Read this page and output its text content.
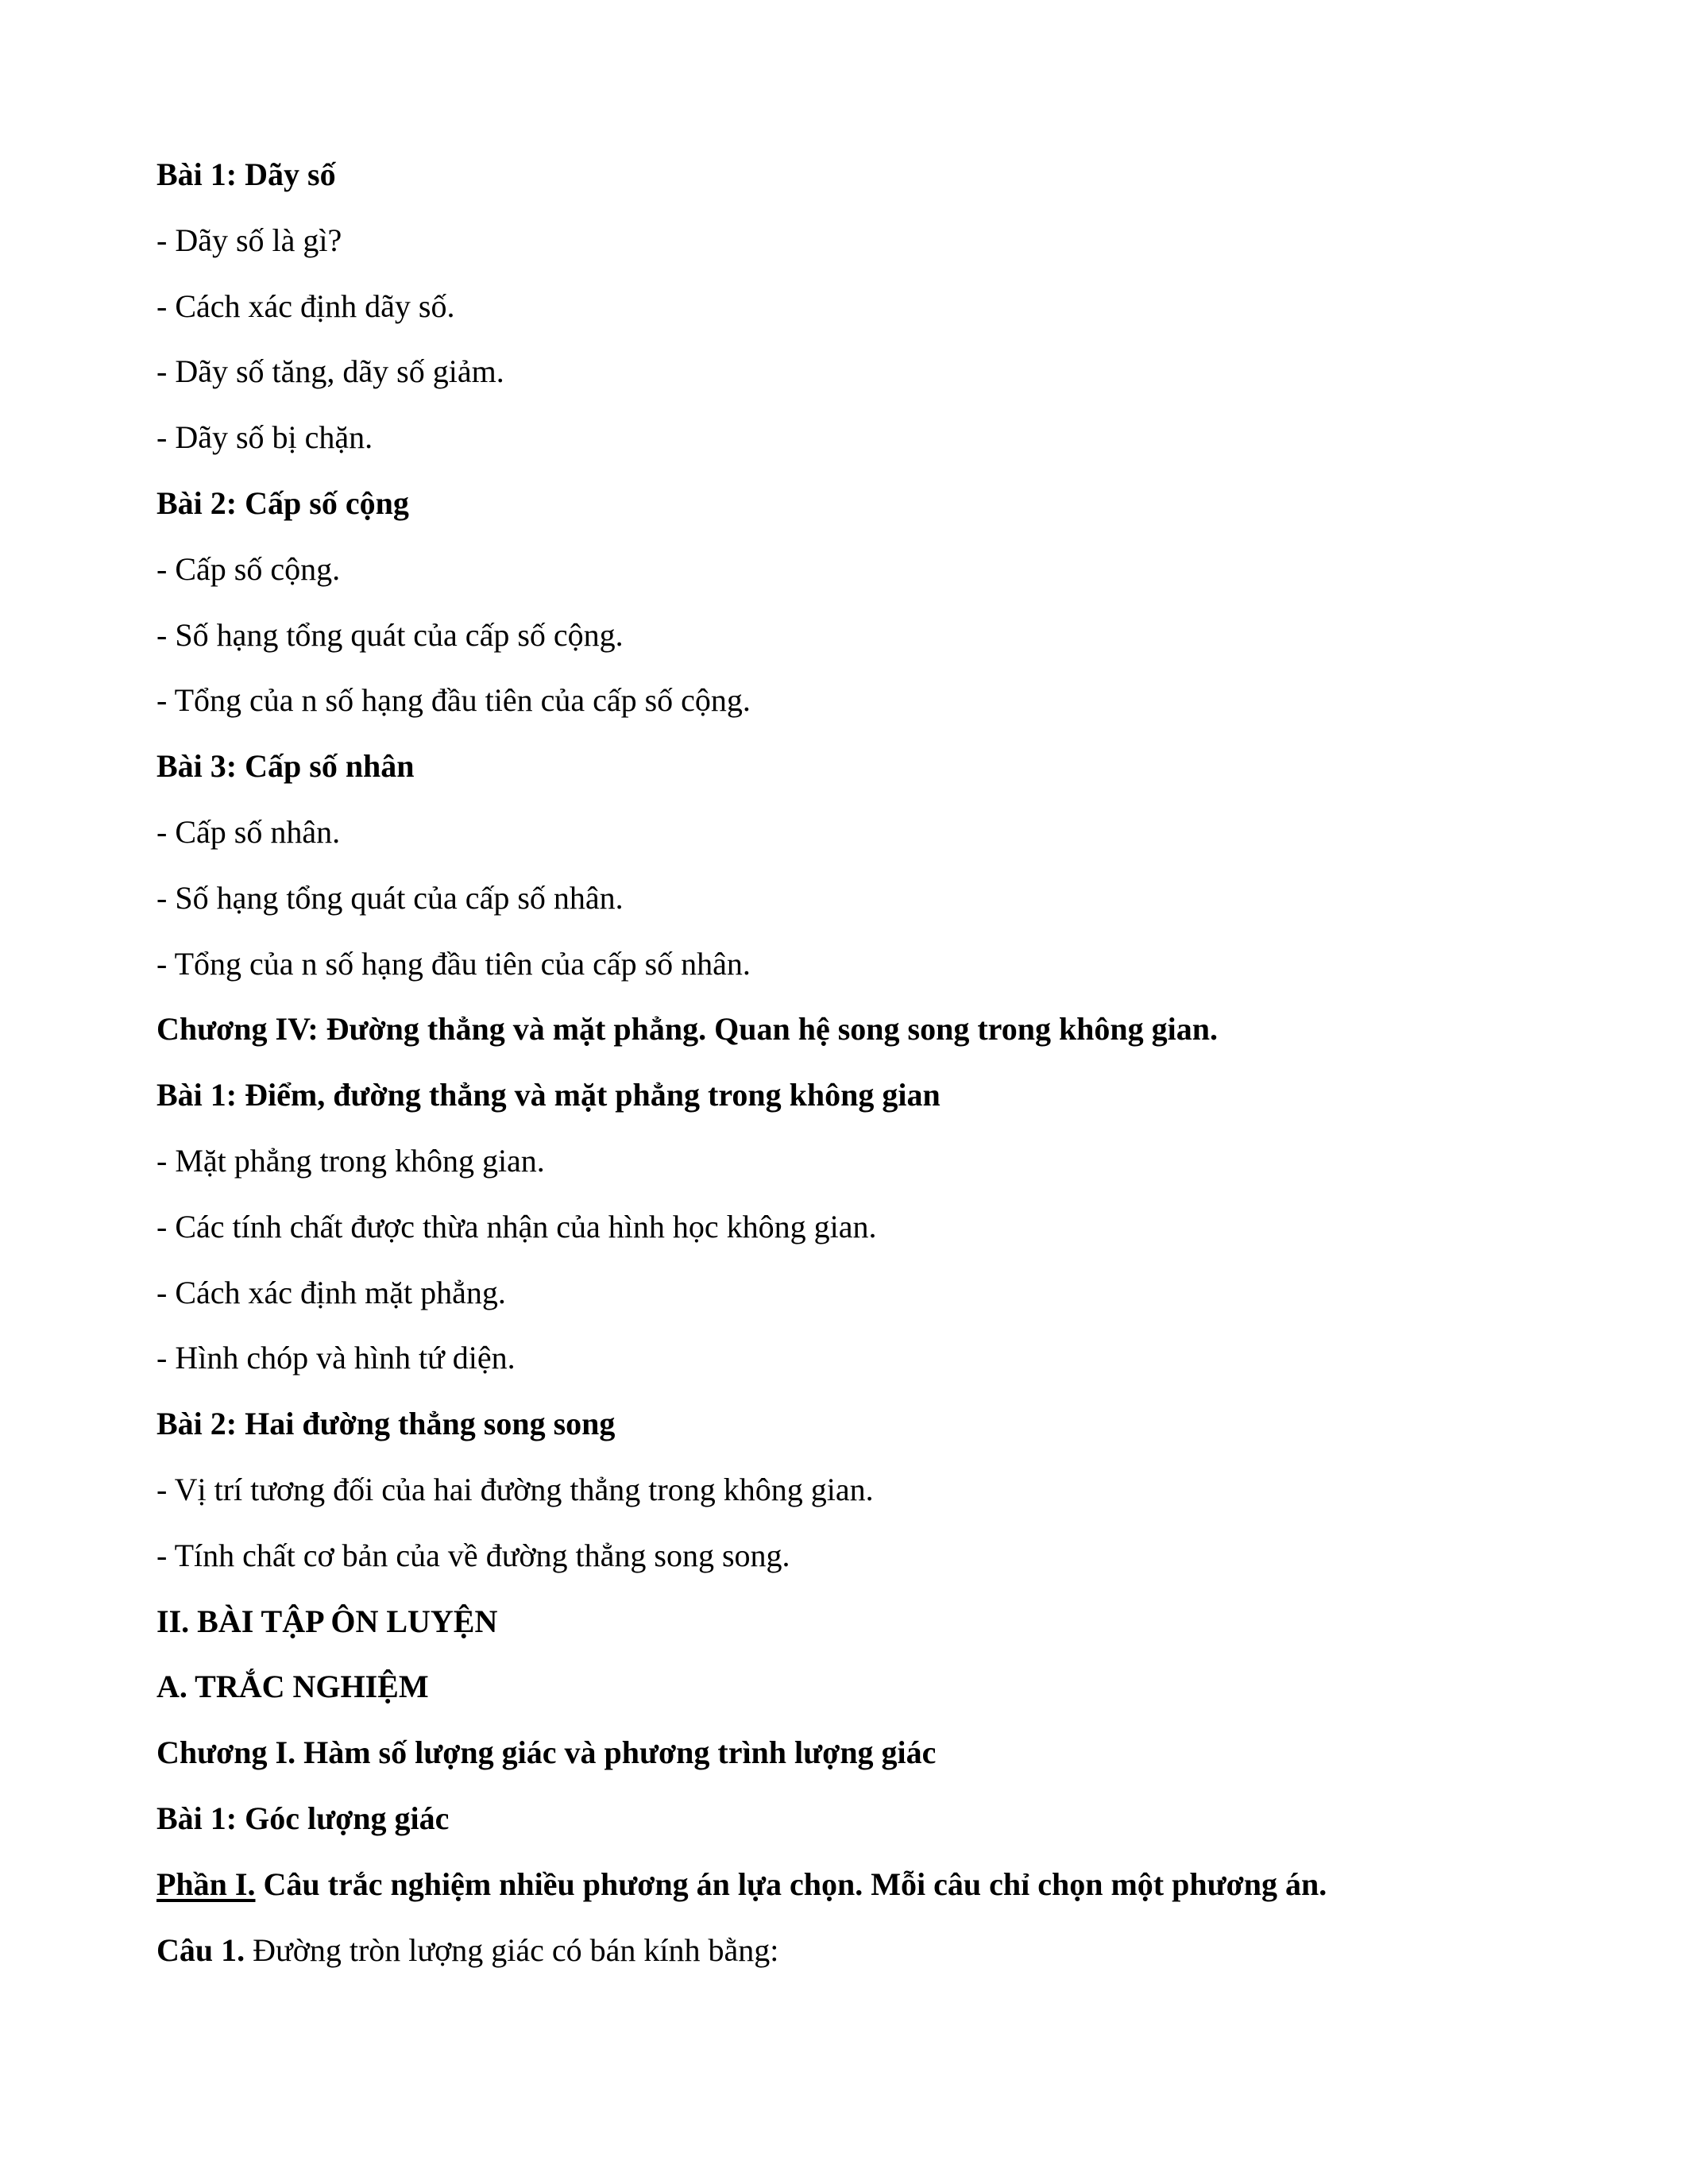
Bài 1: Dãy số
- Dãy số là gì?
- Cách xác định dãy số.
- Dãy số tăng, dãy số giảm.
- Dãy số bị chặn.
Bài 2: Cấp số cộng
- Cấp số cộng.
- Số hạng tổng quát của cấp số cộng.
- Tổng của n số hạng đầu tiên của cấp số cộng.
Bài 3: Cấp số nhân
- Cấp số nhân.
- Số hạng tổng quát của cấp số nhân.
- Tổng của n số hạng đầu tiên của cấp số nhân.
Chương IV: Đường thẳng và mặt phẳng. Quan hệ song song trong không gian.
Bài 1: Điểm, đường thẳng và mặt phẳng trong không gian
- Mặt phẳng trong không gian.
- Các tính chất được thừa nhận của hình học không gian.
- Cách xác định mặt phẳng.
- Hình chóp và hình tứ diện.
Bài 2: Hai đường thẳng song song
- Vị trí tương đối của hai đường thẳng trong không gian.
- Tính chất cơ bản của về đường thẳng song song.
II. BÀI TẬP ÔN LUYỆN
A. TRẮC NGHIỆM
Chương I. Hàm số lượng giác và phương trình lượng giác
Bài 1: Góc lượng giác
Phần I. Câu trắc nghiệm nhiều phương án lựa chọn. Mỗi câu chỉ chọn một phương án.
Câu 1. Đường tròn lượng giác có bán kính bằng:
